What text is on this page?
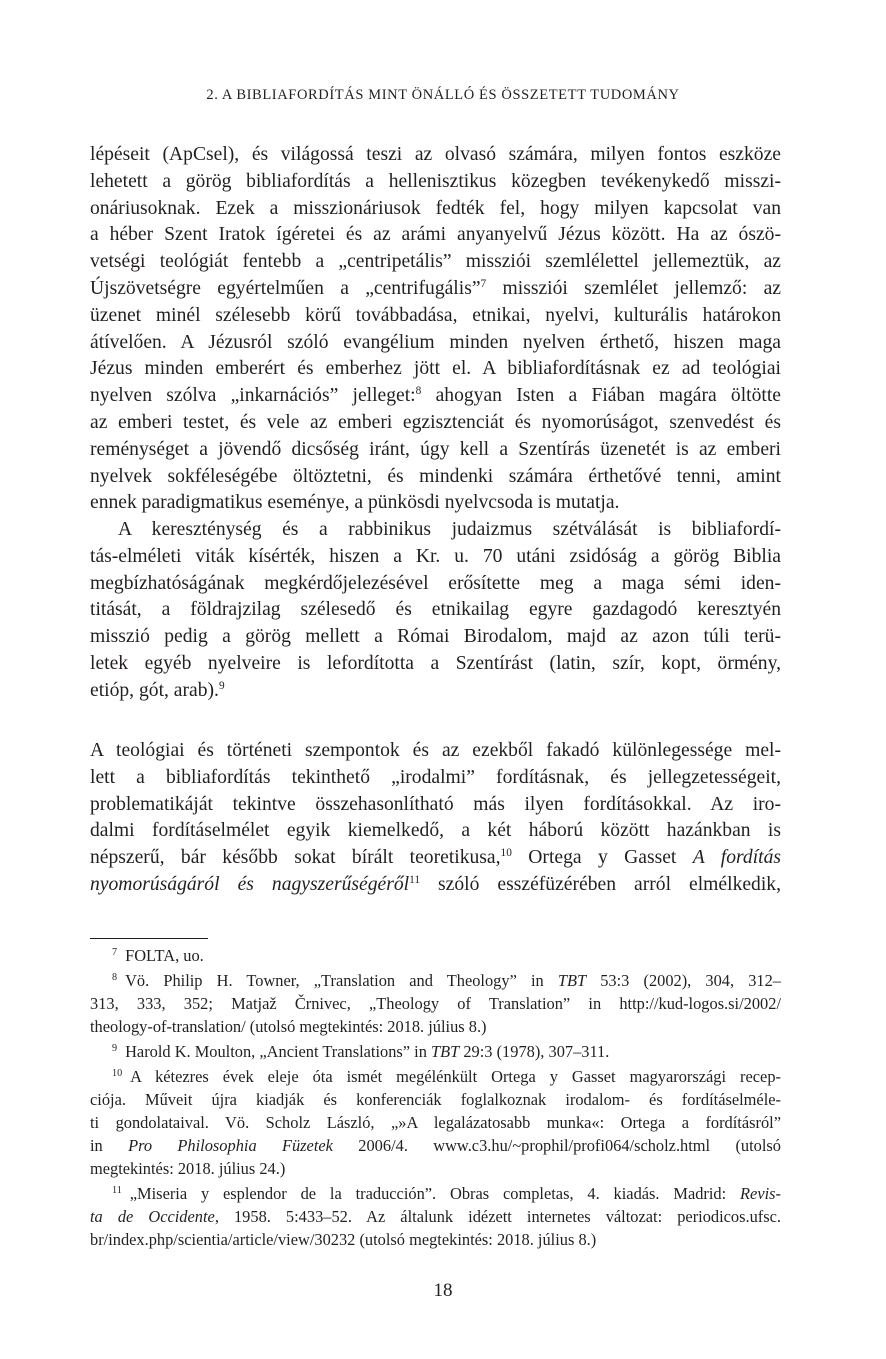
2. A BIBLIAFORDÍTÁS MINT ÖNÁLLÓ ÉS ÖSSZETETT TUDOMÁNY
lépéseit (ApCsel), és világossá teszi az olvasó számára, milyen fontos eszköze
lehetett a görög bibliafordítás a hellenisztikus közegben tevékenykedő misszi-
onáriusoknak. Ezek a misszionáriusok fedték fel, hogy milyen kapcsolat van
a héber Szent Iratok ígéretei és az arámi anyanyelvű Jézus között. Ha az ószö-
vetségi teológiát fentebb a „centripetális” missziói szemlélettel jellemeztük, az
Újszövetségre egyértelműen a „centrifugális”$^7$ missziói szemlélet jellemző: az
üzenet minél szélesebb körű továbbadása, etnikai, nyelvi, kulturális határokon
átívelően. A Jézusról szóló evangélium minden nyelven érthető, hiszen maga
Jézus minden emberért és emberhez jött el. A bibliafordításnak ez ad teológiai
nyelven szólva „inkarnációs” jelleget:$^8$ ahogyan Isten a Fiában magára öltötte
az emberi testet, és vele az emberi egzisztenciát és nyomorúságot, szenvedést és
reménységet a jövendő dicsőség iránt, úgy kell a Szentírás üzenetét is az emberi
nyelvek sokféleségébe öltöztetni, és mindenki számára érthetővé tenni, amint
ennek paradigmatikus eseménye, a pünkösdi nyelvcsoda is mutatja.
A kereszténység és a rabbinikus judaizmus szétválását is bibliafordí-
tás-elméleti viták kísérték, hiszen a Kr. u. 70 utáni zsidóság a görög Biblia
megbízhatóságának megkérdőjelezésével erősítette meg a maga sémi iden-
titását, a földrajzilag szélesedő és etnikailag egyre gazdagodó keresztyén
misszió pedig a görög mellett a Római Birodalom, majd az azon túli terü-
letek egyéb nyelveire is lefordította a Szentírást (latin, szír, kopt, örmény,
etióp, gót, arab).$^9$
A teológiai és történeti szempontok és az ezekből fakadó különlegessége mel-
lett a bibliafordítás tekinthető „irodalmi” fordításnak, és jellegzetességeit,
problematikáját tekintve összehasonlítható más ilyen fordításokkal. Az iro-
dalmi fordításelmélet egyik kiemelkedő, a két háború között hazánkban is
népszerű, bár később sokat bírált teoretikusa,$^{10}$ Ortega y Gasset A fordítás
nyomorúságáról és nagyszerűségéről$^{11}$ szóló esszéfüzérében arról elmélkedik,
$^7$ FOLTA, uo.
$^8$ Vö. Philip H. Towner, „Translation and Theology” in TBT 53:3 (2002), 304, 312–
313, 333, 352; Matjaž Črnivec, „Theology of Translation” in http://kud-logos.si/2002/
theology-of-translation/ (utolsó megtekintés: 2018. július 8.)
$^9$ Harold K. Moulton, „Ancient Translations” in TBT 29:3 (1978), 307–311.
$^{10}$ A kétezres évek eleje óta ismét megélénkült Ortega y Gasset magyarországi recep-
ciója. Műveit újra kiadják és konferenciák foglalkoznak irodalom- és fordításelméle-
ti gondolataival. Vö. Scholz László, „»A legalázatosabb munka«: Ortega a fordításról”
in Pro Philosophia Füzetek 2006/4. www.c3.hu/~prophil/profi064/scholz.html (utolsó
megtekintés: 2018. július 24.)
$^{11}$ „Miseria y esplendor de la traducción”. Obras completas, 4. kiadás. Madrid: Revis-
ta de Occidente, 1958. 5:433–52. Az általunk idézett internetes változat: periodicos.ufsc.
br/index.php/scientia/article/view/30232 (utolsó megtekintés: 2018. július 8.)
18
